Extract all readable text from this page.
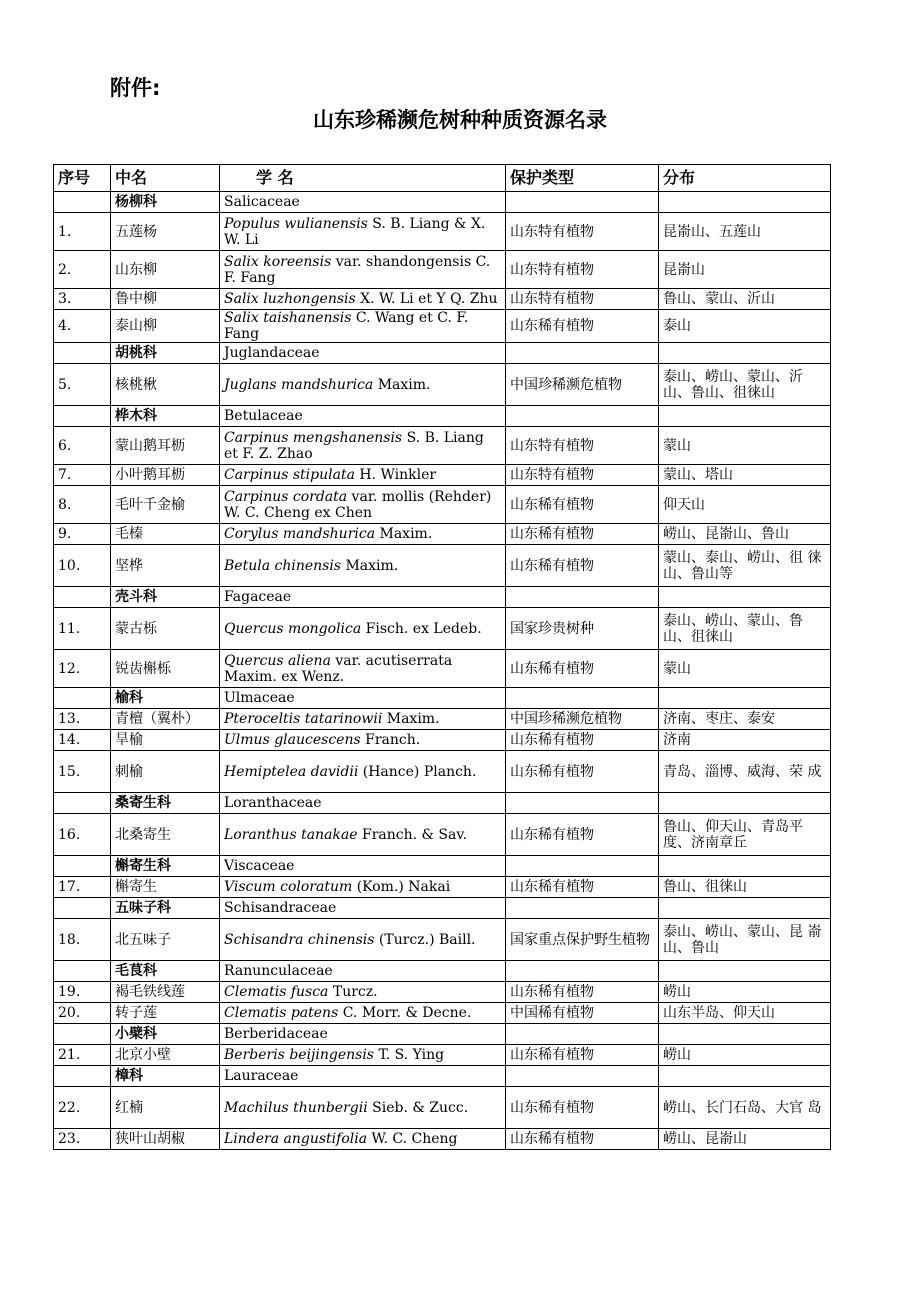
附件:
山东珍稀濒危树种种质资源名录
序号	中名	学 名	保护类型	分布
	杨柳科	Salicaceae		
1.	五莲杨	Populus wulianensis S. B. Liang & X. W. Li	山东特有植物	昆嵛山、五莲山
2.	山东柳	Salix koreensis var. shandongensis C. F. Fang	山东特有植物	昆嵛山
3.	鲁中柳	Salix luzhongensis X. W. Li et Y Q. Zhu	山东特有植物	鲁山、蒙山、沂山
4.	泰山柳	Salix taishanensis C. Wang et C. F. Fang	山东稀有植物	泰山
	胡桃科	Juglandaceae		
5.	核桃楸	Juglans mandshurica Maxim.	中国珍稀濒危植物	泰山、崂山、蒙山、沂 山、鲁山、徂徕山
	桦木科	Betulaceae		
6.	蒙山鹅耳枥	Carpinus mengshanensis S. B. Liang et F. Z. Zhao	山东特有植物	蒙山
7.	小叶鹅耳枥	Carpinus stipulata H. Winkler	山东特有植物	蒙山、塔山
8.	毛叶千金榆	Carpinus cordata var. mollis (Rehder) W. C. Cheng ex Chen	山东稀有植物	仰天山
9.	毛榛	Corylus mandshurica Maxim.	山东稀有植物	崂山、昆嵛山、鲁山
10.	坚桦	Betula chinensis Maxim.	山东稀有植物	蒙山、泰山、崂山、徂 徕山、鲁山等
	壳斗科	Fagaceae		
11.	蒙古栎	Quercus mongolica Fisch. ex Ledeb.	国家珍贵树种	泰山、崂山、蒙山、鲁 山、徂徕山
12.	锐齿槲栎	Quercus aliena var. acutiserrata Maxim. ex Wenz.	山东稀有植物	蒙山
	榆科	Ulmaceae		
13.	青檀（翼朴）	Pteroceltis tatarinowii Maxim.	中国珍稀濒危植物	济南、枣庄、泰安
14.	旱榆	Ulmus glaucescens Franch.	山东稀有植物	济南
15.	刺榆	Hemiptelea davidii (Hance) Planch.	山东稀有植物	青岛、淄博、威海、荣 成
	桑寄生科	Loranthaceae		
16.	北桑寄生	Loranthus tanakae Franch. & Sav.	山东稀有植物	鲁山、仰天山、青岛平 度、济南章丘
	槲寄生科	Viscaceae		
17.	槲寄生	Viscum coloratum (Kom.) Nakai	山东稀有植物	鲁山、徂徕山
	五味子科	Schisandraceae		
18.	北五味子	Schisandra chinensis (Turcz.) Baill.	国家重点保护野生植物	泰山、崂山、蒙山、昆 嵛山、鲁山
	毛茛科	Ranunculaceae		
19.	褐毛铁线莲	Clematis fusca Turcz.	山东稀有植物	崂山
20.	转子莲	Clematis patens C. Morr. & Decne.	中国稀有植物	山东半岛、仰天山
	小檗科	Berberidaceae		
21.	北京小壁	Berberis beijingensis T. S. Ying	山东稀有植物	崂山
	樟科	Lauraceae		
22.	红楠	Machilus thunbergii Sieb. & Zucc.	山东稀有植物	崂山、长门石岛、大官 岛
23.	狭叶山胡椒	Lindera angustifolia W. C. Cheng	山东稀有植物	崂山、昆嵛山
